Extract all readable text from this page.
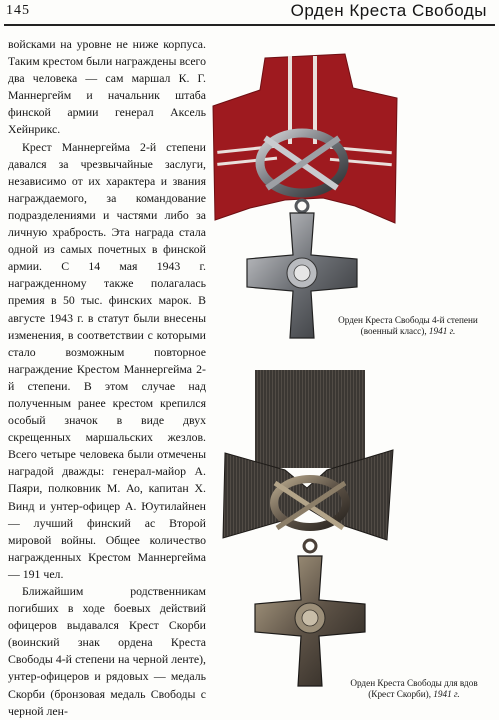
145	Орден Креста Свободы

войсками на уровне не ниже корпуса. Таким крестом были награждены всего два человека — сам маршал К. Г. Маннергейм и начальник штаба финской армии генерал Аксель Хейнрикс.

Крест Маннергейма 2-й степени давался за чрезвычайные заслуги, независимо от их характера и звания награждаемого, за командование подразделениями и частями либо за личную храбрость. Эта награда стала одной из самых почетных в финской армии. С 14 мая 1943 г. награжденному также полагалась премия в 50 тыс. финских марок. В августе 1943 г. в статут были внесены изменения, в соответствии с которыми стало возможным повторное награждение Крестом Маннергейма 2-й степени. В этом случае над полученным ранее крестом крепился особый значок в виде двух скрещенных маршальских жезлов. Всего четыре человека были отмечены наградой дважды: генерал-майор А. Паяри, полковник М. Ао, капитан Х. Винд и унтер-офицер А. Юутилайнен — лучший финский ас Второй мировой войны. Общее количество награжденных Крестом Маннергейма — 191 чел.

Ближайшим родственникам погибших в ходе боевых действий офицеров выдавался Крест Скорби (воинский знак ордена Креста Свободы 4-й степени на черной ленте), унтер-офицеров и рядовых — медаль Скорби (бронзовая медаль Свободы с черной лен-

Орден Креста Свободы 4-й степени (военный класс), 1941 г.
Орден Креста Свободы для вдов (Крест Скорби), 1941 г.
